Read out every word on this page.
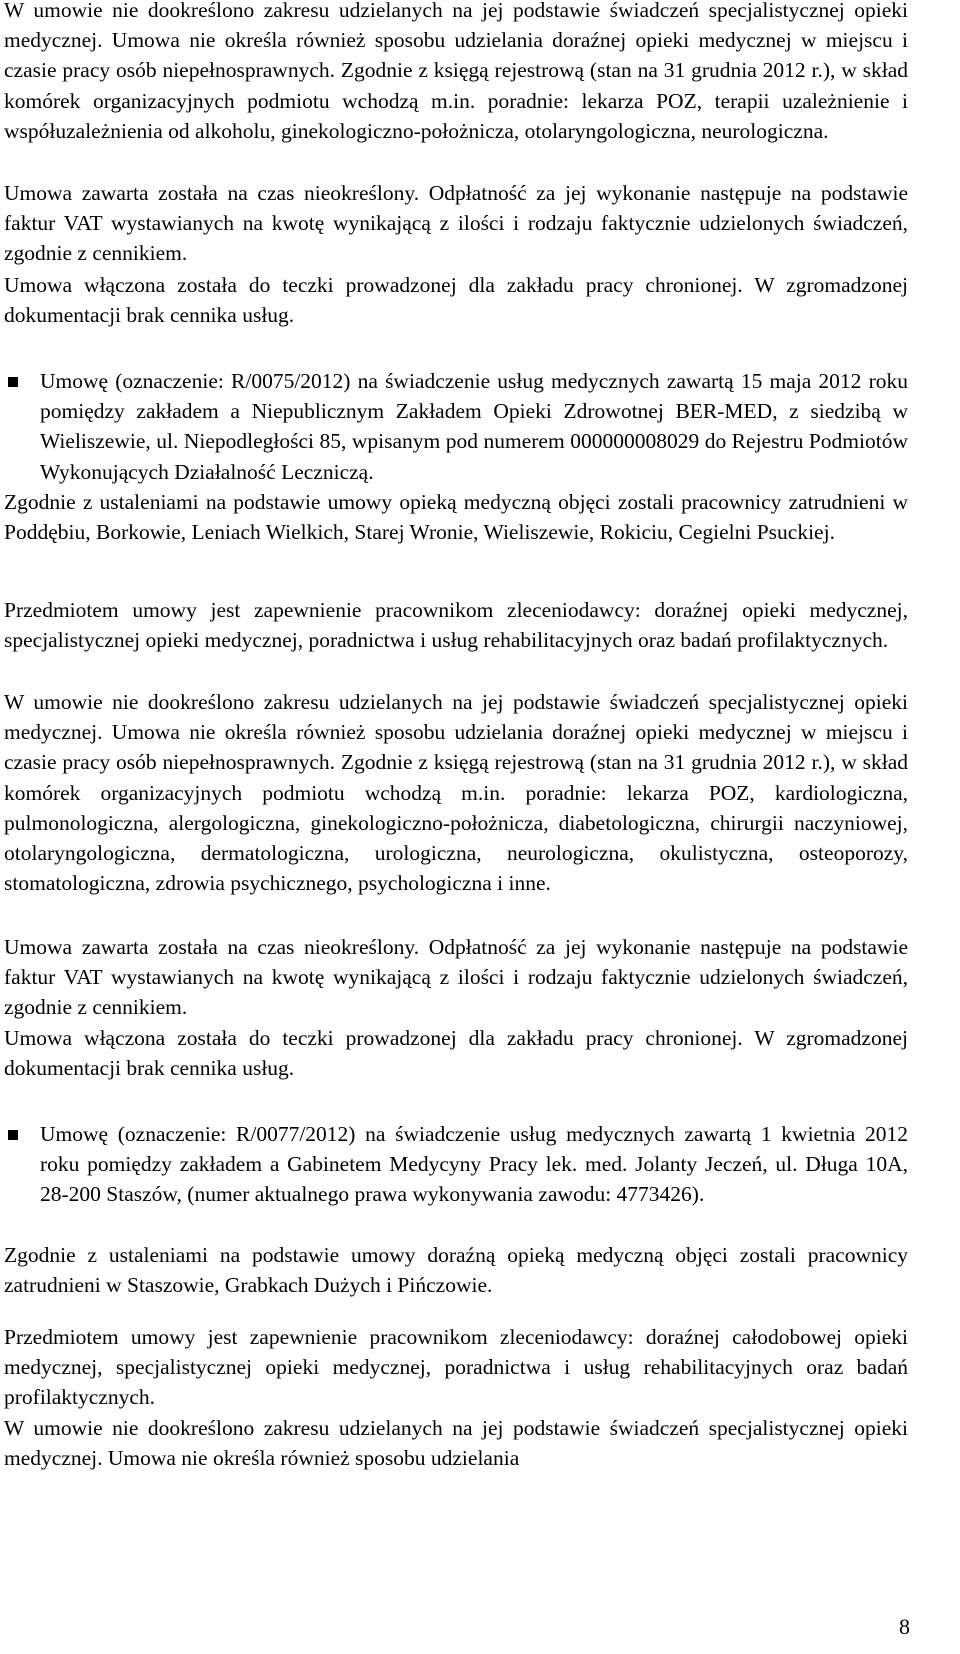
W umowie nie dookreślono zakresu udzielanych na jej podstawie świadczeń specjalistycznej opieki medycznej. Umowa nie określa również sposobu udzielania doraźnej opieki medycznej w miejscu i czasie pracy osób niepełnosprawnych. Zgodnie z księgą rejestrową (stan na 31 grudnia 2012 r.), w skład komórek organizacyjnych podmiotu wchodzą m.in. poradnie: lekarza POZ, terapii uzależnienie i współuzależnienia od alkoholu, ginekologiczno-położnicza, otolaryngologiczna, neurologiczna.

Umowa zawarta została na czas nieokreślony. Odpłatność za jej wykonanie następuje na podstawie faktur VAT wystawianych na kwotę wynikającą z ilości i rodzaju faktycznie udzielonych świadczeń, zgodnie z cennikiem.

Umowa włączona została do teczki prowadzonej dla zakładu pracy chronionej. W zgromadzonej dokumentacji brak cennika usług.

Umowę (oznaczenie: R/0075/2012) na świadczenie usług medycznych zawartą 15 maja 2012 roku pomiędzy zakładem a Niepublicznym Zakładem Opieki Zdrowotnej BER-MED, z siedzibą w Wieliszewie, ul. Niepodległości 85, wpisanym pod numerem 000000008029 do Rejestru Podmiotów Wykonujących Działalność Leczniczą.

Zgodnie z ustaleniami na podstawie umowy opieką medyczną objęci zostali pracownicy zatrudnieni w Poddębiu, Borkowie, Leniach Wielkich, Starej Wronie, Wieliszewie, Rokiciu, Cegielni Psuckiej.

Przedmiotem umowy jest zapewnienie pracownikom zleceniodawcy: doraźnej opieki medycznej, specjalistycznej opieki medycznej, poradnictwa i usług rehabilitacyjnych oraz badań profilaktycznych.

W umowie nie dookreślono zakresu udzielanych na jej podstawie świadczeń specjalistycznej opieki medycznej. Umowa nie określa również sposobu udzielania doraźnej opieki medycznej w miejscu i czasie pracy osób niepełnosprawnych. Zgodnie z księgą rejestrową (stan na 31 grudnia 2012 r.), w skład komórek organizacyjnych podmiotu wchodzą m.in. poradnie: lekarza POZ, kardiologiczna, pulmonologiczna, alergologiczna, ginekologiczno-położnicza, diabetologiczna, chirurgii naczyniowej, otolaryngologiczna, dermatologiczna, urologiczna, neurologiczna, okulistyczna, osteoporozy, stomatologiczna, zdrowia psychicznego, psychologiczna i inne.

Umowa zawarta została na czas nieokreślony. Odpłatność za jej wykonanie następuje na podstawie faktur VAT wystawianych na kwotę wynikającą z ilości i rodzaju faktycznie udzielonych świadczeń, zgodnie z cennikiem.

Umowa włączona została do teczki prowadzonej dla zakładu pracy chronionej. W zgromadzonej dokumentacji brak cennika usług.

Umowę (oznaczenie: R/0077/2012) na świadczenie usług medycznych zawartą 1 kwietnia 2012 roku pomiędzy zakładem a Gabinetem Medycyny Pracy lek. med. Jolanty Jeczeń, ul. Długa 10A, 28-200 Staszów, (numer aktualnego prawa wykonywania zawodu: 4773426).

Zgodnie z ustaleniami na podstawie umowy doraźną opieką medyczną objęci zostali pracownicy zatrudnieni w Staszowie, Grabkach Dużych i Pińczowie.

Przedmiotem umowy jest zapewnienie pracownikom zleceniodawcy: doraźnej całodobowej opieki medycznej, specjalistycznej opieki medycznej, poradnictwa i usług rehabilitacyjnych oraz badań profilaktycznych.

W umowie nie dookreślono zakresu udzielanych na jej podstawie świadczeń specjalistycznej opieki medycznej. Umowa nie określa również sposobu udzielania

8
